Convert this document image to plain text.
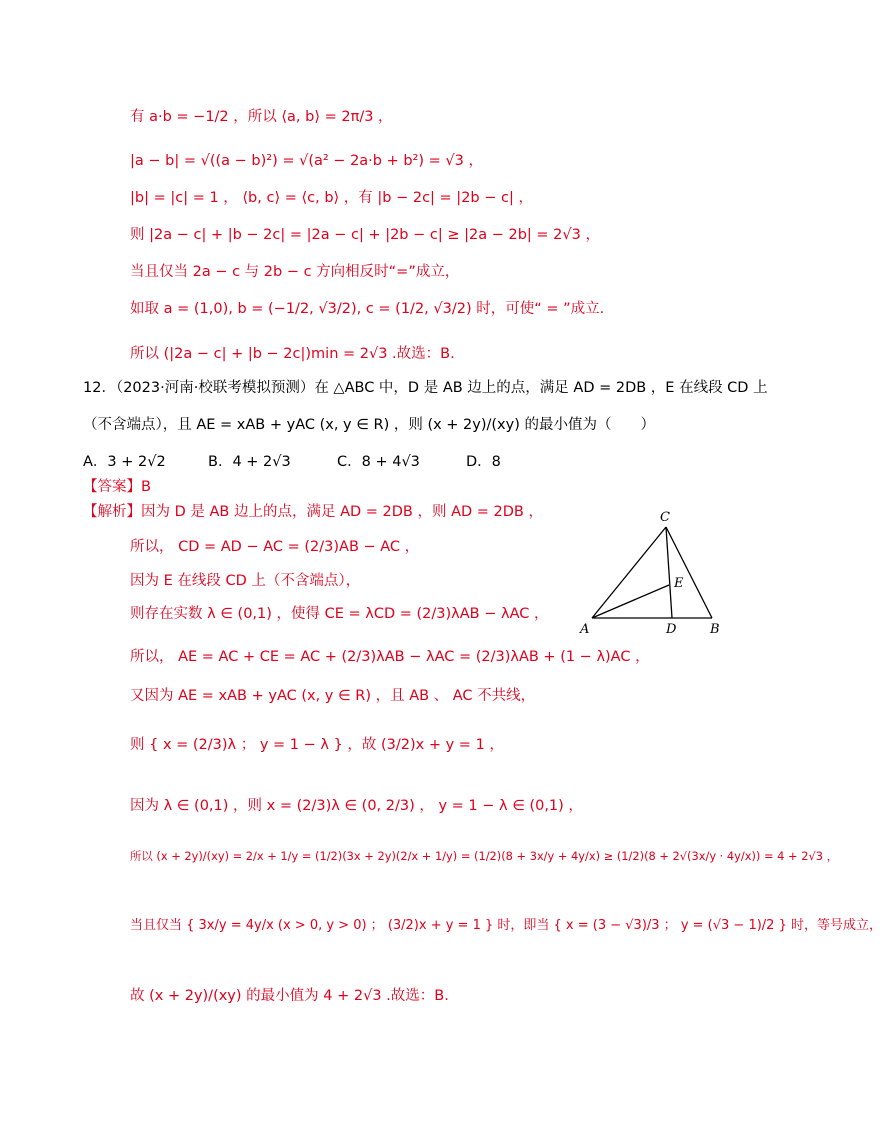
有 a·b = −1/2 ，所以 ⟨a, b⟩ = 2π/3 ，
|a − b| = √((a − b)²) = √(a² − 2a·b + b²) = √3 ，
|b| = |c| = 1 ， ⟨b, c⟩ = ⟨c, b⟩ ，有 |b − 2c| = |2b − c| ，
则 |2a − c| + |b − 2c| = |2a − c| + |2b − c| ≥ |2a − 2b| = 2√3 ，
当且仅当 2a − c 与 2b − c 方向相反时“=”成立，
如取 a = (1,0), b = (−1/2, √3/2), c = (1/2, √3/2) 时，可使“ = ”成立.
所以 (|2a − c| + |b − 2c|)min = 2√3 .故选：B.
12．（2023·河南·校联考模拟预测）在 △ABC 中，D 是 AB 边上的点，满足 AD = 2DB ，E 在线段 CD 上
（不含端点），且 AE = xAB + yAC (x, y ∈ R) ，则 (x + 2y)/(xy) 的最小值为（　　）
A．3 + 2√2	B．4 + 2√3	C．8 + 4√3	D．8
【答案】B
【解析】因为 D 是 AB 边上的点，满足 AD = 2DB ，则 AD = 2DB ，
所以， CD = AD − AC = (2/3)AB − AC ，
因为 E 在线段 CD 上（不含端点），
则存在实数 λ ∈ (0,1) ，使得 CE = λCD = (2/3)λAB − λAC ，
所以， AE = AC + CE = AC + (2/3)λAB − λAC = (2/3)λAB + (1 − λ)AC ，
又因为 AE = xAB + yAC (x, y ∈ R) ，且 AB 、 AC 不共线，
则 { x = (2/3)λ ； y = 1 − λ } ，故 (3/2)x + y = 1 ，
因为 λ ∈ (0,1) ，则 x = (2/3)λ ∈ (0, 2/3) ， y = 1 − λ ∈ (0,1) ，
所以 (x + 2y)/(xy) = 2/x + 1/y = (1/2)(3x + 2y)(2/x + 1/y) = (1/2)(8 + 3x/y + 4y/x) ≥ (1/2)(8 + 2√(3x/y · 4y/x)) = 4 + 2√3 ，
当且仅当 { 3x/y = 4y/x (x > 0, y > 0) ； (3/2)x + y = 1 } 时，即当 { x = (3 − √3)/3 ； y = (√3 − 1)/2 } 时，等号成立，
故 (x + 2y)/(xy) 的最小值为 4 + 2√3 .故选：B.
C
E
A	D	B
